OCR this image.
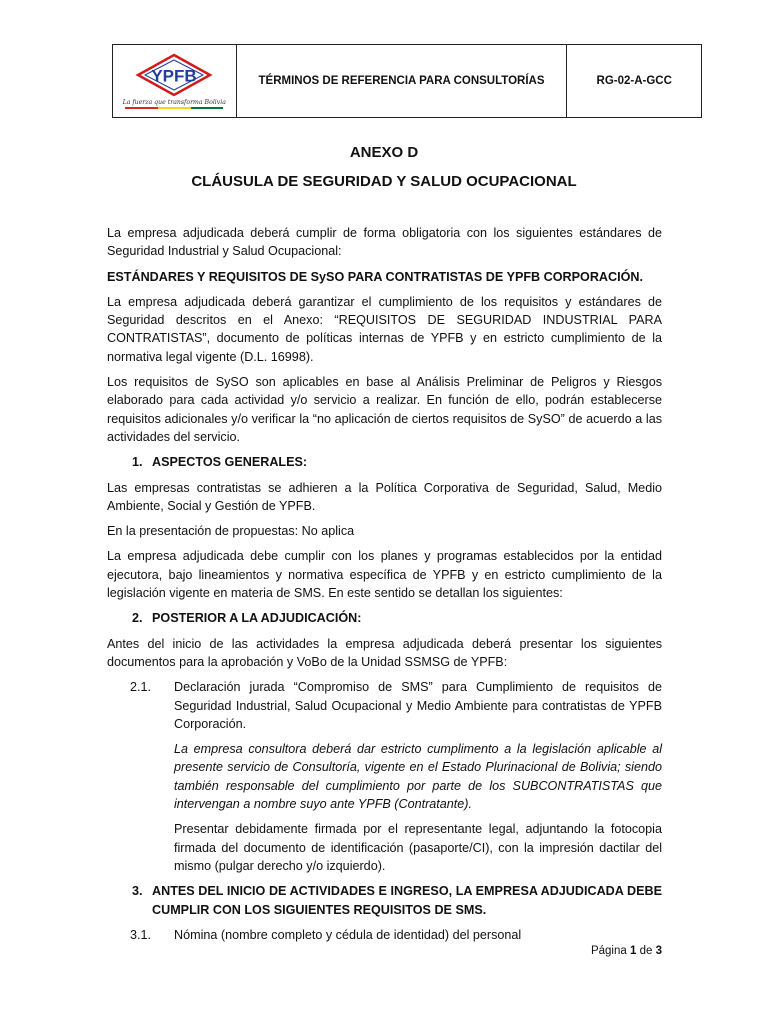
YPFB
La fuerza que transforma Bolivia
TÉRMINOS DE REFERENCIA PARA CONSULTORÍAS	RG-02-A-GCC
ANEXO D
CLÁUSULA DE SEGURIDAD Y SALUD OCUPACIONAL

La empresa adjudicada deberá cumplir de forma obligatoria con los siguientes estándares de Seguridad Industrial y Salud Ocupacional:

ESTÁNDARES Y REQUISITOS DE SySO PARA CONTRATISTAS DE YPFB CORPORACIÓN.

La empresa adjudicada deberá garantizar el cumplimiento de los requisitos y estándares de Seguridad descritos en el Anexo: “REQUISITOS DE SEGURIDAD INDUSTRIAL PARA CONTRATISTAS”, documento de políticas internas de YPFB y en estricto cumplimiento de la normativa legal vigente (D.L. 16998).

Los requisitos de SySO son aplicables en base al Análisis Preliminar de Peligros y Riesgos elaborado para cada actividad y/o servicio a realizar. En función de ello, podrán establecerse requisitos adicionales y/o verificar la “no aplicación de ciertos requisitos de SySO” de acuerdo a las actividades del servicio.

1. ASPECTOS GENERALES:

Las empresas contratistas se adhieren a la Política Corporativa de Seguridad, Salud, Medio Ambiente, Social y Gestión de YPFB.

En la presentación de propuestas: No aplica

La empresa adjudicada debe cumplir con los planes y programas establecidos por la entidad ejecutora, bajo lineamientos y normativa específica de YPFB y en estricto cumplimiento de la legislación vigente en materia de SMS. En este sentido se detallan los siguientes:

2. POSTERIOR A LA ADJUDICACIÓN:

Antes del inicio de las actividades la empresa adjudicada deberá presentar los siguientes documentos para la aprobación y VoBo de la Unidad SSMSG de YPFB:

2.1.	Declaración jurada “Compromiso de SMS” para Cumplimiento de requisitos de Seguridad Industrial, Salud Ocupacional y Medio Ambiente para contratistas de YPFB Corporación.

La empresa consultora deberá dar estricto cumplimento a la legislación aplicable al presente servicio de Consultoría, vigente en el Estado Plurinacional de Bolivia; siendo también responsable del cumplimiento por parte de los SUBCONTRATISTAS que intervengan a nombre suyo ante YPFB (Contratante).

Presentar debidamente firmada por el representante legal, adjuntando la fotocopia firmada del documento de identificación (pasaporte/CI), con la impresión dactilar del mismo (pulgar derecho y/o izquierdo).

3. ANTES DEL INICIO DE ACTIVIDADES E INGRESO, LA EMPRESA ADJUDICADA DEBE CUMPLIR CON LOS SIGUIENTES REQUISITOS DE SMS.
3.1.	Nómina (nombre completo y cédula de identidad) del personal
Página 1 de 3
